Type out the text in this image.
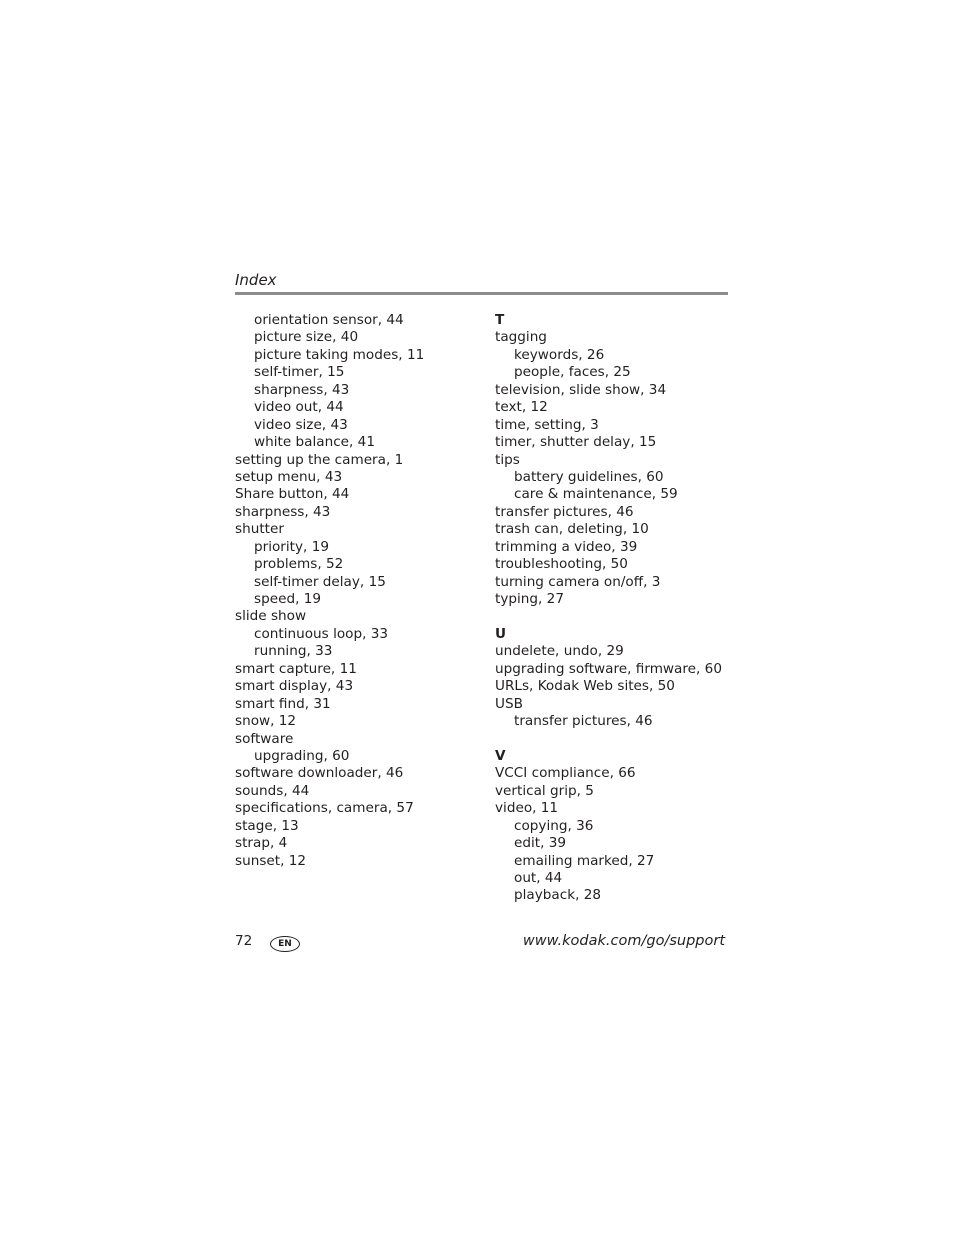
Index
orientation sensor, 44
picture size, 40
picture taking modes, 11
self-timer, 15
sharpness, 43
video out, 44
video size, 43
white balance, 41
setting up the camera, 1
setup menu, 43
Share button, 44
sharpness, 43
shutter
priority, 19
problems, 52
self-timer delay, 15
speed, 19
slide show
continuous loop, 33
running, 33
smart capture, 11
smart display, 43
smart find, 31
snow, 12
software
upgrading, 60
software downloader, 46
sounds, 44
specifications, camera, 57
stage, 13
strap, 4
sunset, 12
T
tagging
keywords, 26
people, faces, 25
television, slide show, 34
text, 12
time, setting, 3
timer, shutter delay, 15
tips
battery guidelines, 60
care & maintenance, 59
transfer pictures, 46
trash can, deleting, 10
trimming a video, 39
troubleshooting, 50
turning camera on/off, 3
typing, 27
U
undelete, undo, 29
upgrading software, firmware, 60
URLs, Kodak Web sites, 50
USB
transfer pictures, 46
V
VCCI compliance, 66
vertical grip, 5
video, 11
copying, 36
edit, 39
emailing marked, 27
out, 44
playback, 28
72	EN	www.kodak.com/go/support
